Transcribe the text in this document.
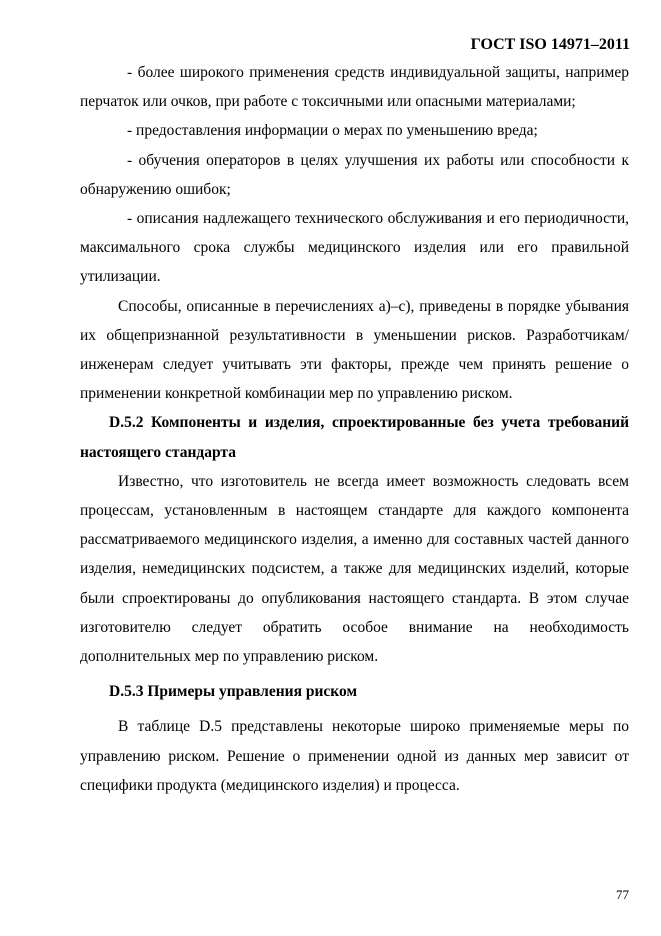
ГОСТ ISO 14971–2011

- более широкого применения средств индивидуальной защиты, например перчаток или очков, при работе с токсичными или опасными материалами;

- предоставления информации о мерах по уменьшению вреда;

- обучения операторов в целях улучшения их работы или способности к обнаружению ошибок;

- описания надлежащего технического обслуживания и его периодичности, максимального срока службы медицинского изделия или его правильной утилизации.

Способы, описанные в перечислениях а)–с), приведены в порядке убывания их общепризнанной результативности в уменьшении рисков. Разработчикам/инженерам следует учитывать эти факторы, прежде чем принять решение о применении конкретной комбинации мер по управлению риском.

D.5.2 Компоненты и изделия, спроектированные без учета требований настоящего стандарта

Известно, что изготовитель не всегда имеет возможность следовать всем процессам, установленным в настоящем стандарте для каждого компонента рассматриваемого медицинского изделия, а именно для составных частей данного изделия, немедицинских подсистем, а также для медицинских изделий, которые были спроектированы до опубликования настоящего стандарта. В этом случае изготовителю следует обратить особое внимание на необходимость дополнительных мер по управлению риском.

D.5.3 Примеры управления риском

В таблице D.5 представлены некоторые широко применяемые меры по управлению риском. Решение о применении одной из данных мер зависит от специфики продукта (медицинского изделия) и процесса.

77
